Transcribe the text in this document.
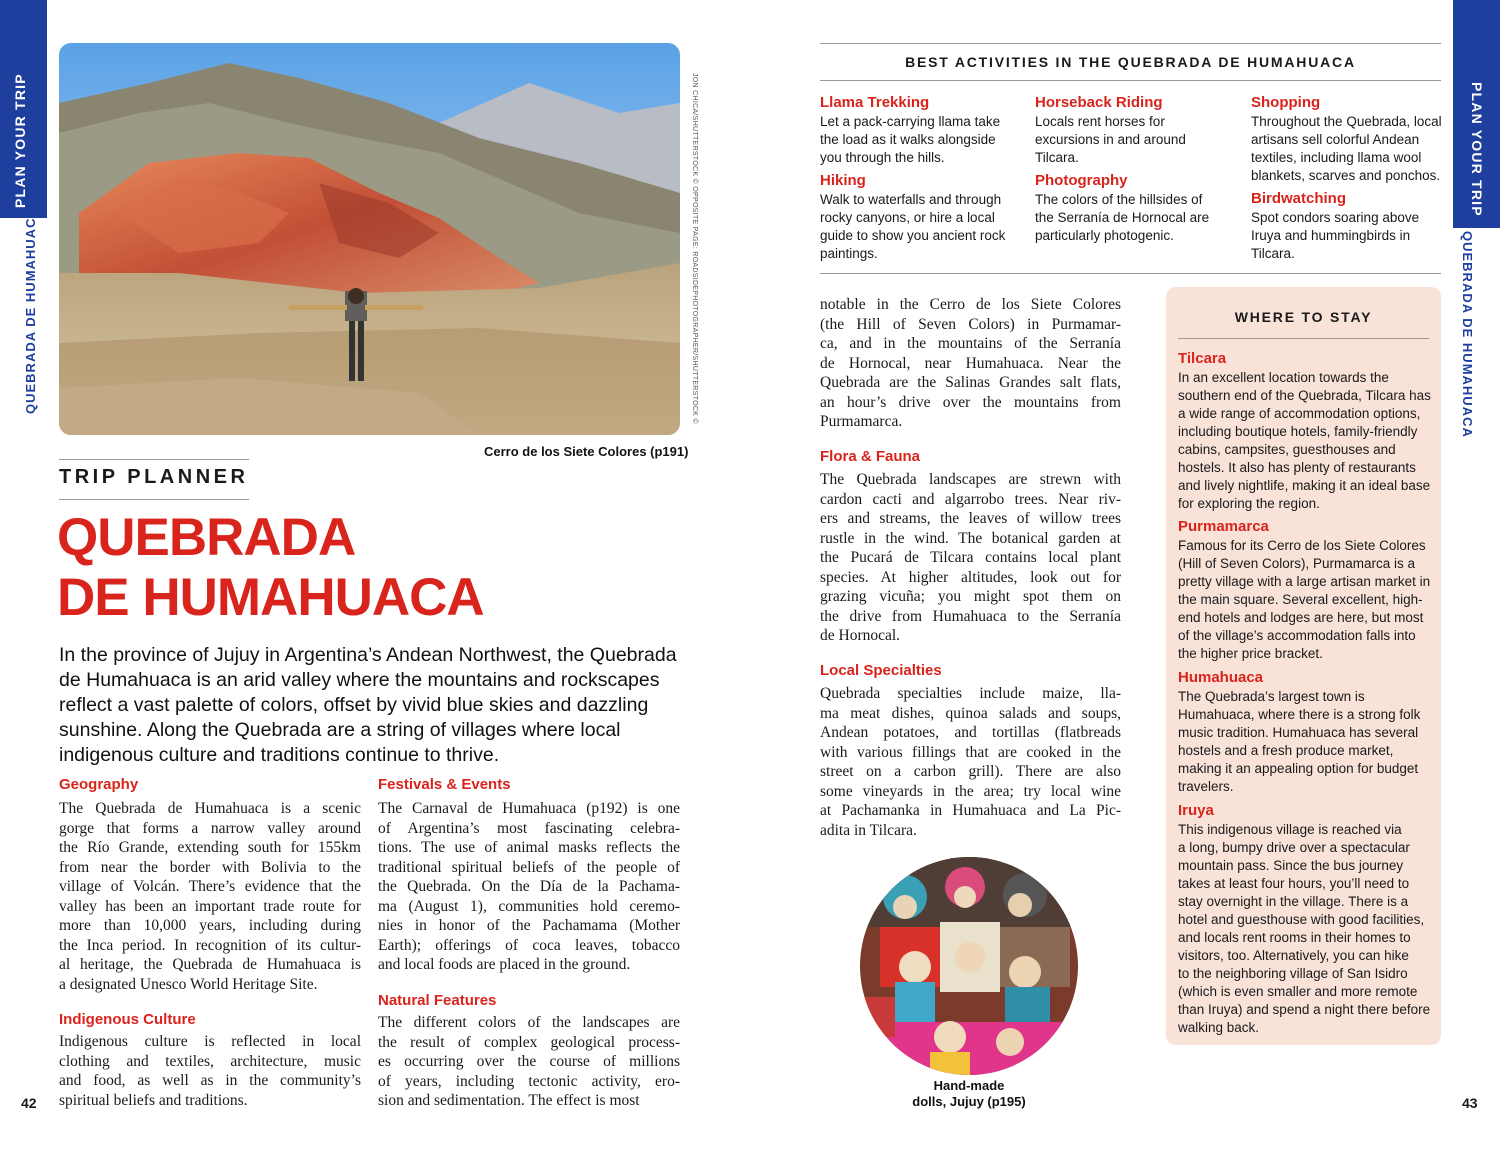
PLAN YOUR TRIP
QUEBRADA DE HUMAHUACA
42
PLAN YOUR TRIP
QUEBRADA DE HUMAHUACA
43
JON CHICA/SHUTTERSTOCK © OPPOSITE PAGE: ROADSIDEPHOTOGRAPHER/SHUTTERSTOCK ©
Cerro de los Siete Colores (p191)
TRIP PLANNER
QUEBRADA
DE HUMAHUACA
In the province of Jujuy in Argentina’s Andean Northwest, the Quebrada de Humahuaca is an arid valley where the mountains and rockscapes reflect a vast palette of colors, offset by vivid blue skies and dazzling sunshine. Along the Quebrada are a string of villages where local indigenous culture and traditions continue to thrive.
Geography
The Quebrada de Humahuaca is a scenic
gorge that forms a narrow valley around
the Río Grande, extending south for 155km
from near the border with Bolivia to the
village of Volcán. There’s evidence that the
valley has been an important trade route for
more than 10,000 years, including during
the Inca period. In recognition of its cultur-
al heritage, the Quebrada de Humahuaca is
a designated Unesco World Heritage Site.
Indigenous Culture
Indigenous culture is reflected in local
clothing and textiles, architecture, music
and food, as well as in the community’s
spiritual beliefs and traditions.
Festivals & Events
The Carnaval de Humahuaca (p192) is one
of Argentina’s most fascinating celebra-
tions. The use of animal masks reflects the
traditional spiritual beliefs of the people of
the Quebrada. On the Día de la Pachama-
ma (August 1), communities hold ceremo-
nies in honor of the Pachamama (Mother
Earth); offerings of coca leaves, tobacco
and local foods are placed in the ground.
Natural Features
The different colors of the landscapes are
the result of complex geological process-
es occurring over the course of millions
of years, including tectonic activity, ero-
sion and sedimentation. The effect is most
BEST ACTIVITIES IN THE QUEBRADA DE HUMAHUACA
Llama Trekking
Let a pack-carrying llama take
the load as it walks alongside
you through the hills.
Hiking
Walk to waterfalls and through
rocky canyons, or hire a local
guide to show you ancient rock
paintings.
Horseback Riding
Locals rent horses for
excursions in and around
Tilcara.
Photography
The colors of the hillsides of
the Serranía de Hornocal are
particularly photogenic.
Shopping
Throughout the Quebrada, local
artisans sell colorful Andean
textiles, including llama wool
blankets, scarves and ponchos.
Birdwatching
Spot condors soaring above
Iruya and hummingbirds in
Tilcara.
notable in the Cerro de los Siete Colores
(the Hill of Seven Colors) in Purmamar-
ca, and in the mountains of the Serranía
de Hornocal, near Humahuaca. Near the
Quebrada are the Salinas Grandes salt flats,
an hour’s drive over the mountains from
Purmamarca.
Flora & Fauna
The Quebrada landscapes are strewn with
cardon cacti and algarrobo trees. Near riv-
ers and streams, the leaves of willow trees
rustle in the wind. The botanical garden at
the Pucará de Tilcara contains local plant
species. At higher altitudes, look out for
grazing vicuña; you might spot them on
the drive from Humahuaca to the Serranía
de Hornocal.
Local Specialties
Quebrada specialties include maize, lla-
ma meat dishes, quinoa salads and soups,
Andean potatoes, and tortillas (flatbreads
with various fillings that are cooked in the
street on a carbon grill). There are also
some vineyards in the area; try local wine
at Pachamanka in Humahuaca and La Pic-
adita in Tilcara.
Hand-made
dolls, Jujuy (p195)
WHERE TO STAY
Tilcara
In an excellent location towards the
southern end of the Quebrada, Tilcara has
a wide range of accommodation options,
including boutique hotels, family-friendly
cabins, campsites, guesthouses and
hostels. It also has plenty of restaurants
and lively nightlife, making it an ideal base
for exploring the region.
Purmamarca
Famous for its Cerro de los Siete Colores
(Hill of Seven Colors), Purmamarca is a
pretty village with a large artisan market in
the main square. Several excellent, high-
end hotels and lodges are here, but most
of the village’s accommodation falls into
the higher price bracket.
Humahuaca
The Quebrada’s largest town is
Humahuaca, where there is a strong folk
music tradition. Humahuaca has several
hostels and a fresh produce market,
making it an appealing option for budget
travelers.
Iruya
This indigenous village is reached via
a long, bumpy drive over a spectacular
mountain pass. Since the bus journey
takes at least four hours, you’ll need to
stay overnight in the village. There is a
hotel and guesthouse with good facilities,
and locals rent rooms in their homes to
visitors, too. Alternatively, you can hike
to the neighboring village of San Isidro
(which is even smaller and more remote
than Iruya) and spend a night there before
walking back.
